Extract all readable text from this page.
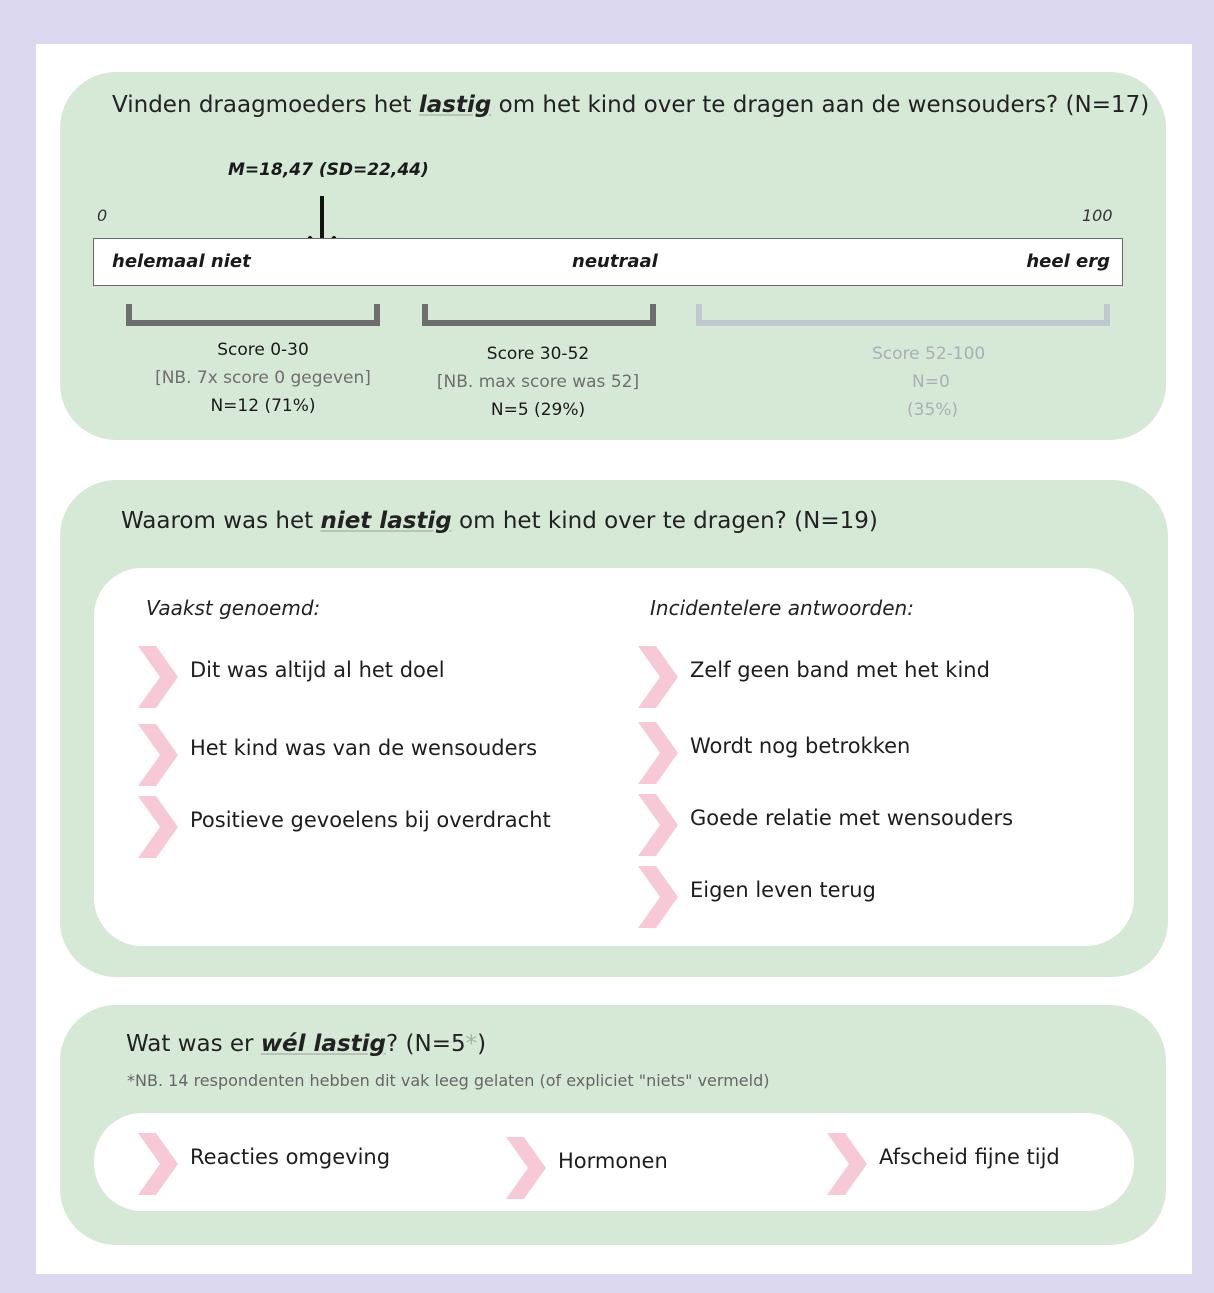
Vinden draagmoeders het lastig om het kind over te dragen aan de wensouders? (N=17)
M=18,47 (SD=22,44)
0	100
helemaal niet	neutraal	heel erg
Score 0-30
[NB. 7x score 0 gegeven]
N=12 (71%)
Score 30-52
[NB. max score was 52]
N=5 (29%)
Score 52-100
N=0
(35%)
Waarom was het niet lastig om het kind over te dragen? (N=19)
Vaakst genoemd:	Incidentelere antwoorden:
Dit was altijd al het doel
Het kind was van de wensouders
Positieve gevoelens bij overdracht
Zelf geen band met het kind
Wordt nog betrokken
Goede relatie met wensouders
Eigen leven terug
Wat was er wél lastig? (N=5*)
*NB. 14 respondenten hebben dit vak leeg gelaten (of expliciet "niets" vermeld)
Reacties omgeving	Hormonen	Afscheid fijne tijd
